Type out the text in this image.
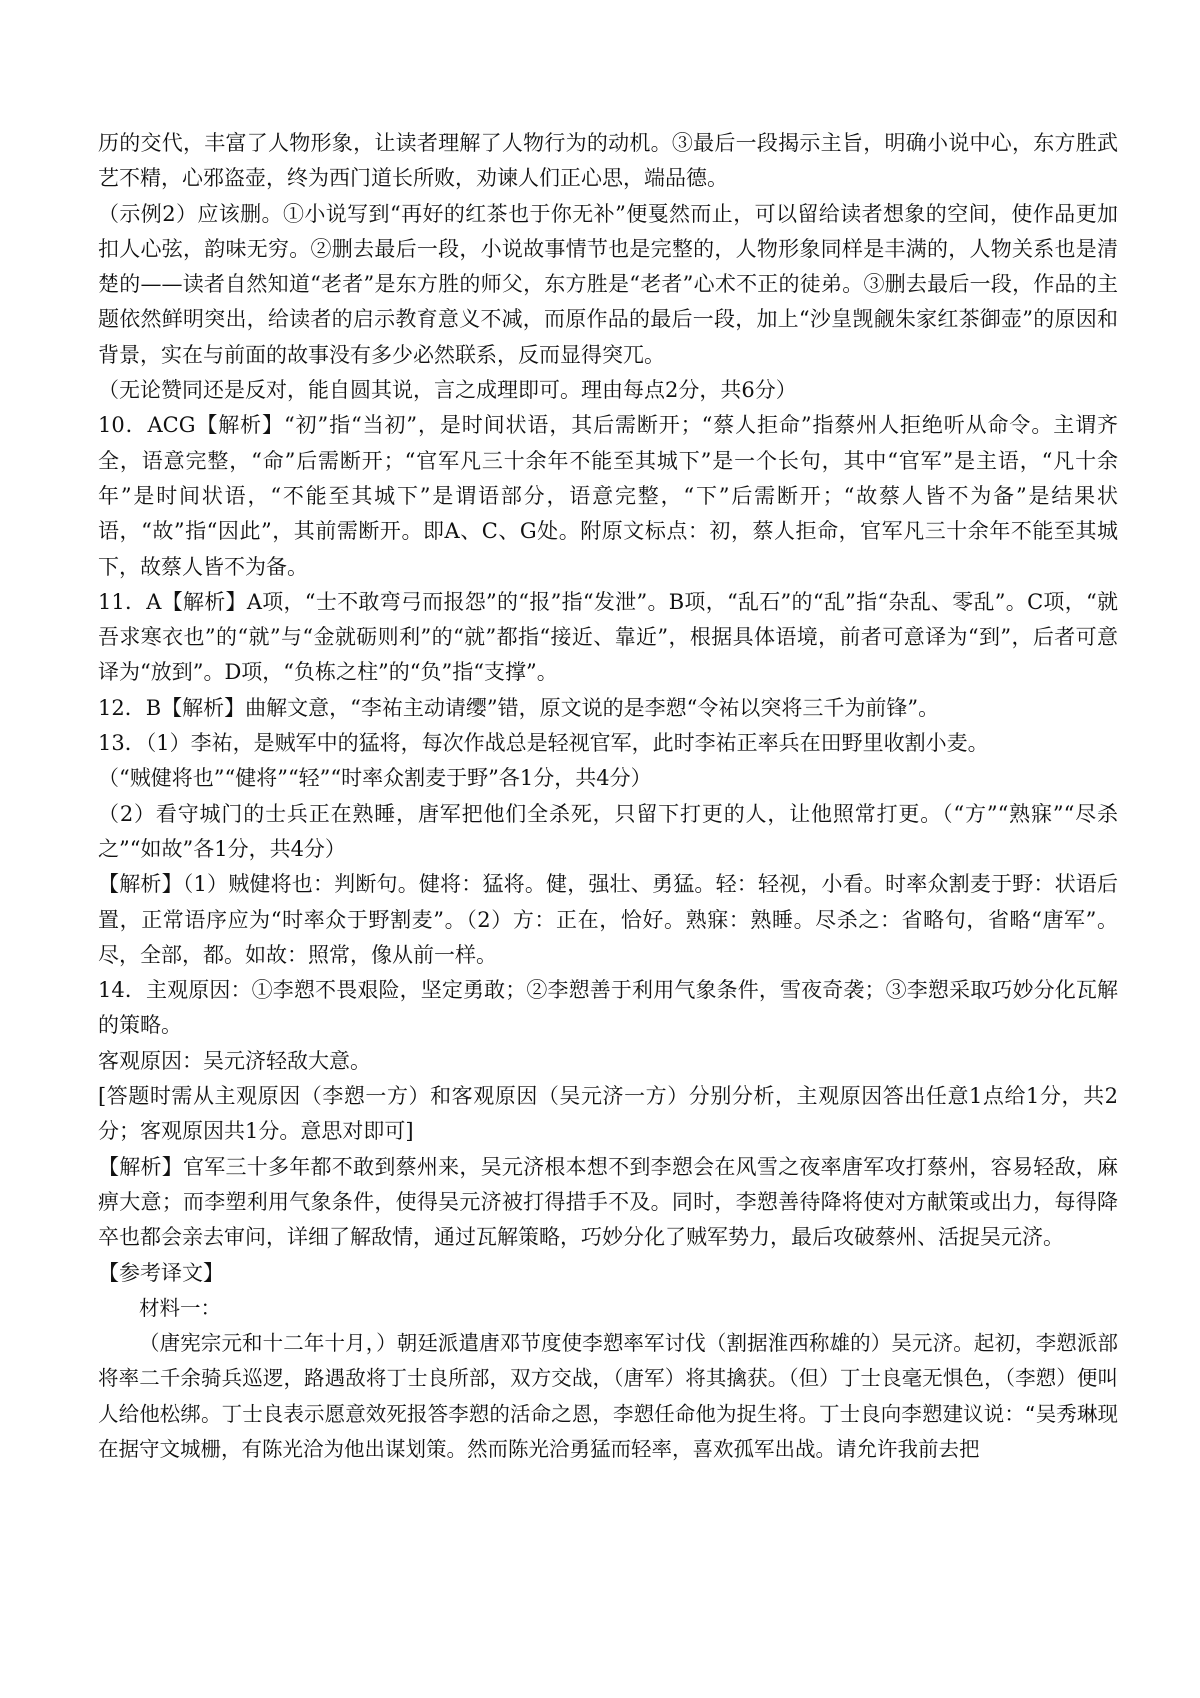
历的交代，丰富了人物形象，让读者理解了人物行为的动机。③最后一段揭示主旨，明确小说中心，东方胜武艺不精，心邪盗壶，终为西门道长所败，劝谏人们正心思，端品德。

（示例2）应该删。①小说写到“再好的红茶也于你无补”便戛然而止，可以留给读者想象的空间，使作品更加扣人心弦，韵味无穷。②删去最后一段，小说故事情节也是完整的，人物形象同样是丰满的，人物关系也是清楚的——读者自然知道“老者”是东方胜的师父，东方胜是“老者”心术不正的徒弟。③删去最后一段，作品的主题依然鲜明突出，给读者的启示教育意义不减，而原作品的最后一段，加上“沙皇觊觎朱家红茶御壶”的原因和背景，实在与前面的故事没有多少必然联系，反而显得突兀。

（无论赞同还是反对，能自圆其说，言之成理即可。理由每点2分，共6分）

10．ACG【解析】“初”指“当初”，是时间状语，其后需断开；“蔡人拒命”指蔡州人拒绝听从命令。主谓齐全，语意完整，“命”后需断开；“官军凡三十余年不能至其城下”是一个长句，其中“官军”是主语，“凡十余年”是时间状语，“不能至其城下”是谓语部分，语意完整，“下”后需断开；“故蔡人皆不为备”是结果状语，“故”指“因此”，其前需断开。即A、C、G处。附原文标点：初，蔡人拒命，官军凡三十余年不能至其城下，故蔡人皆不为备。

11．A【解析】A项，“士不敢弯弓而报怨”的“报”指“发泄”。B项，“乱石”的“乱”指“杂乱、零乱”。C项，“就吾求寒衣也”的“就”与“金就砺则利”的“就”都指“接近、靠近”，根据具体语境，前者可意译为“到”，后者可意译为“放到”。D项，“负栋之柱”的“负”指“支撑”。

12．B【解析】曲解文意，“李祐主动请缨”错，原文说的是李愬“令祐以突将三千为前锋”。

13．（1）李祐，是贼军中的猛将，每次作战总是轻视官军，此时李祐正率兵在田野里收割小麦。

（“贼健将也”“健将”“轻”“时率众割麦于野”各1分，共4分）

（2）看守城门的士兵正在熟睡，唐军把他们全杀死，只留下打更的人，让他照常打更。（“方”“熟寐”“尽杀之”“如故”各1分，共4分）

【解析】（1）贼健将也：判断句。健将：猛将。健，强壮、勇猛。轻：轻视，小看。时率众割麦于野：状语后置，正常语序应为“时率众于野割麦”。（2）方：正在，恰好。熟寐：熟睡。尽杀之：省略句，省略“唐军”。尽，全部，都。如故：照常，像从前一样。

14．主观原因：①李愬不畏艰险，坚定勇敢；②李愬善于利用气象条件，雪夜奇袭；③李愬采取巧妙分化瓦解的策略。

客观原因：吴元济轻敌大意。

[答题时需从主观原因（李愬一方）和客观原因（吴元济一方）分别分析，主观原因答出任意1点给1分，共2分；客观原因共1分。意思对即可]

【解析】官军三十多年都不敢到蔡州来，吴元济根本想不到李愬会在风雪之夜率唐军攻打蔡州，容易轻敌，麻痹大意；而李塑利用气象条件，使得吴元济被打得措手不及。同时，李愬善待降将使对方献策或出力，每得降卒也都会亲去审问，详细了解敌情，通过瓦解策略，巧妙分化了贼军势力，最后攻破蔡州、活捉吴元济。

【参考译文】

材料一：

（唐宪宗元和十二年十月，）朝廷派遣唐邓节度使李愬率军讨伐（割据淮西称雄的）吴元济。起初，李愬派部将率二千余骑兵巡逻，路遇敌将丁士良所部，双方交战，（唐军）将其擒获。（但）丁士良毫无惧色，（李愬）便叫人给他松绑。丁士良表示愿意效死报答李愬的活命之恩，李愬任命他为捉生将。丁士良向李愬建议说：“吴秀琳现在据守文城栅，有陈光洽为他出谋划策。然而陈光洽勇猛而轻率，喜欢孤军出战。请允许我前去把
